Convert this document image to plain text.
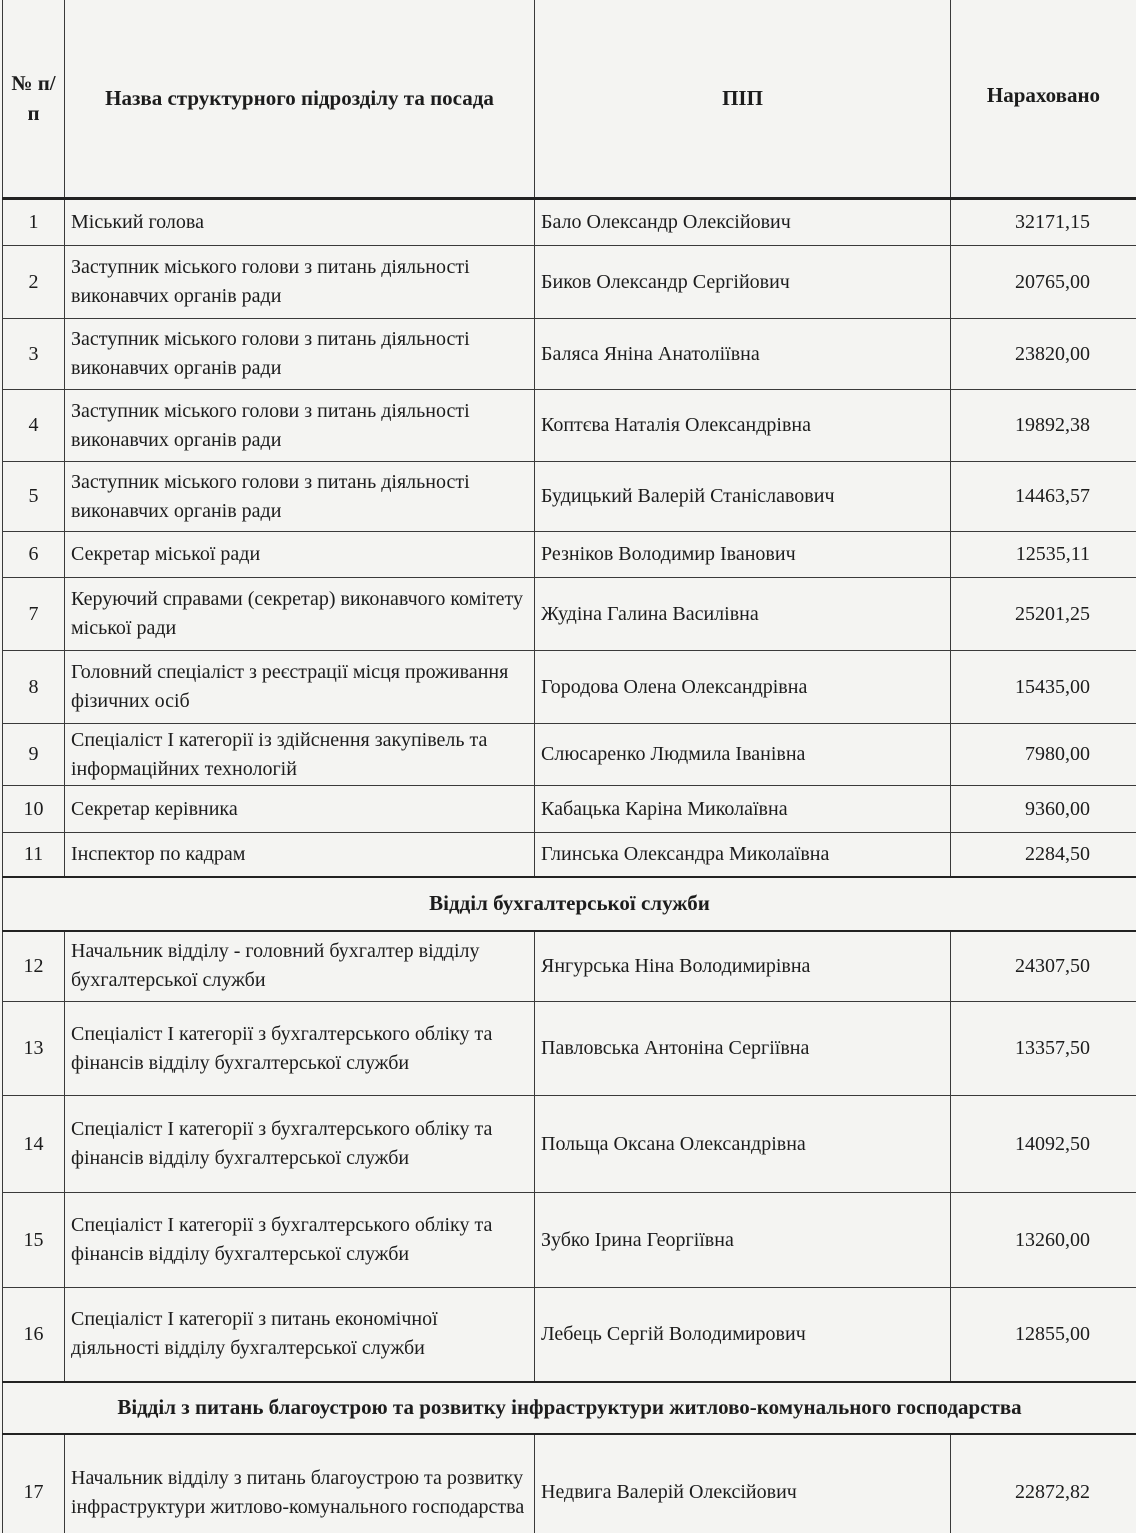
№ п/п	Назва структурного підрозділу та посада	ПІП	Нараховано
1	Міський голова	Бало Олександр Олексійович	32171,15
2	Заступник міського голови з питань діяльності виконавчих органів ради	Биков Олександр Сергійович	20765,00
3	Заступник міського голови з питань діяльності виконавчих органів ради	Баляса Яніна Анатоліївна	23820,00
4	Заступник міського голови з питань діяльності виконавчих органів ради	Коптєва Наталія Олександрівна	19892,38
5	Заступник міського голови з питань діяльності виконавчих органів ради	Будицький Валерій Станіславович	14463,57
6	Секретар міської ради	Резніков Володимир Іванович	12535,11
7	Керуючий справами (секретар) виконавчого комітету міської ради	Жудіна Галина Василівна	25201,25
8	Головний спеціаліст з реєстрації місця проживання фізичних осіб	Городова Олена Олександрівна	15435,00
9	Спеціаліст І категорії із здійснення закупівель та інформаційних технологій	Слюсаренко Людмила Іванівна	7980,00
10	Секретар керівника	Кабацька Каріна Миколаївна	9360,00
11	Інспектор по кадрам	Глинська Олександра Миколаївна	2284,50
Відділ бухгалтерської служби			
12	Начальник відділу - головний бухгалтер відділу бухгалтерської служби	Янгурська Ніна Володимирівна	24307,50
13	Спеціаліст І категорії з бухгалтерського обліку та фінансів відділу бухгалтерської служби	Павловська Антоніна Сергіївна	13357,50
14	Спеціаліст І категорії з бухгалтерського обліку та фінансів відділу бухгалтерської служби	Польща Оксана Олександрівна	14092,50
15	Спеціаліст І категорії з бухгалтерського обліку та фінансів відділу бухгалтерської служби	Зубко Ірина Георгіївна	13260,00
16	Спеціаліст І категорії з питань економічної діяльності відділу бухгалтерської служби	Лебець Сергій Володимирович	12855,00
Відділ з питань благоустрою та розвитку інфраструктури житлово-комунального господарства			
17	Начальник відділу з питань благоустрою та розвитку інфраструктури житлово-комунального господарства	Недвига Валерій Олексійович	22872,82
